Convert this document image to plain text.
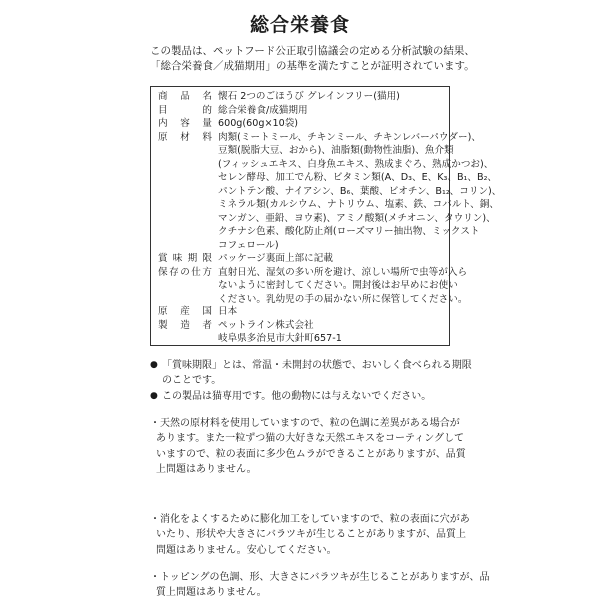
総合栄養食
この製品は、ペットフード公正取引協議会の定める分析試験の結果、
「総合栄養食／成猫期用」の基準を満たすことが証明されています。
商品名 懐石 2つのごほうび グレインフリー(猫用)
目的 総合栄養食/成猫期用
内容量 600g(60g×10袋)
原材料 肉類(ミートミール、チキンミール、チキンレバーパウダー)、
豆類(脱脂大豆、おから)、油脂類(動物性油脂)、魚介類
(フィッシュエキス、白身魚エキス、熟成まぐろ、熟成かつお)、
セレン酵母、加工でん粉、ビタミン類(A、D₃、E、K₃、B₁、B₂、
パントテン酸、ナイアシン、B₆、葉酸、ビオチン、B₁₂、コリン)、
ミネラル類(カルシウム、ナトリウム、塩素、鉄、コバルト、銅、
マンガン、亜鉛、ヨウ素)、アミノ酸類(メチオニン、タウリン)、
クチナシ色素、酸化防止剤(ローズマリー抽出物、ミックスト
コフェロール)
賞味期限 パッケージ裏面上部に記載
保存の仕方 直射日光、湿気の多い所を避け、涼しい場所で虫等が入ら
ないように密封してください。開封後はお早めにお使い
ください。乳幼児の手の届かない所に保管してください。
原産国 日本
製造者 ペットライン株式会社
岐阜県多治見市大針町657-1
● 「賞味期限」とは、常温・未開封の状態で、おいしく食べられる期限
のことです。
● この製品は猫専用です。他の動物には与えないでください。
・天然の原材料を使用していますので、粒の色調に差異がある場合が
あります。また一粒ずつ猫の大好きな天然エキスをコーティングして
いますので、粒の表面に多少色ムラができることがありますが、品質
上問題はありません。
・消化をよくするために膨化加工をしていますので、粒の表面に穴があ
いたり、形状や大きさにバラツキが生じることがありますが、品質上
問題はありません。安心してください。
・トッピングの色調、形、大きさにバラツキが生じることがありますが、品
質上問題はありません。
